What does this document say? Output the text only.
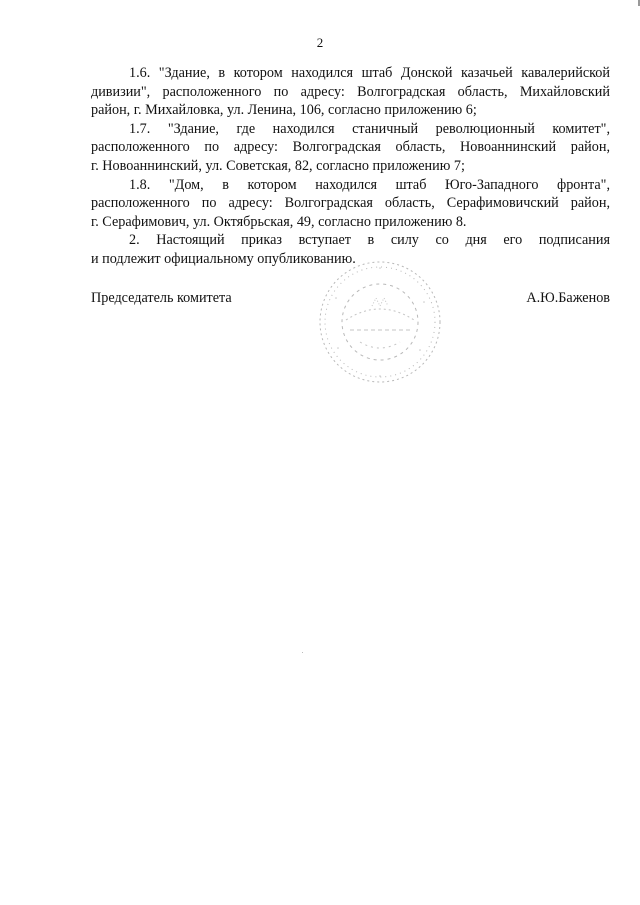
2

1.6. "Здание, в котором находился штаб Донской казачьей кавалерийской
дивизии", расположенного по адресу: Волгоградская область, Михайловский
район, г. Михайловка, ул. Ленина, 106, согласно приложению 6;

1.7. "Здание, где находился станичный революционный комитет",
расположенного по адресу: Волгоградская область, Новоаннинский район,
г. Новоаннинский, ул. Советская, 82, согласно приложению 7;

1.8. "Дом, в котором находился штаб Юго-Западного фронта",
расположенного по адресу: Волгоградская область, Серафимовичский район,
г. Серафимович, ул. Октябрьская, 49, согласно приложению 8.

2. Настоящий приказ вступает в силу со дня его подписания
и подлежит официальному опубликованию.

Председатель комитета	А.Ю.Баженов
